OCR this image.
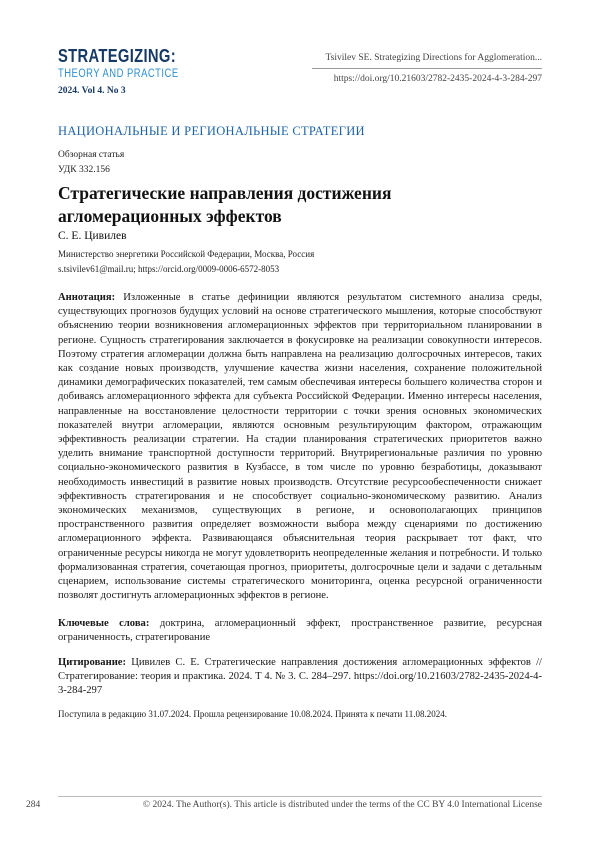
STRATEGIZING:
THEORY AND PRACTICE
2024. Vol 4. No 3
Tsivilev SE. Strategizing Directions for Agglomeration...
https://doi.org/10.21603/2782-2435-2024-4-3-284-297
НАЦИОНАЛЬНЫЕ И РЕГИОНАЛЬНЫЕ СТРАТЕГИИ
Обзорная статья
УДК 332.156
Стратегические направления достижения агломерационных эффектов
С. Е. Цивилев
Министерство энергетики Российской Федерации, Москва, Россия
s.tsivilev61@mail.ru; https://orcid.org/0009-0006-6572-8053
Аннотация: Изложенные в статье дефиниции являются результатом системного анализа среды, существующих прогнозов будущих условий на основе стратегического мышления, которые способствуют объяснению теории возникновения агломерационных эффектов при территориальном планировании в регионе. Сущность стратегирования заключается в фокусировке на реализации совокупности интересов. Поэтому стратегия агломерации должна быть направлена на реализацию долгосрочных интересов, таких как создание новых производств, улучшение качества жизни населения, сохранение положительной динамики демографических показателей, тем самым обеспечивая интересы большего количества сторон и добиваясь агломерационного эффекта для субъекта Российской Федерации. Именно интересы населения, направленные на восстановление целостности территории с точки зрения основных экономических показателей внутри агломерации, являются основным результирующим фактором, отражающим эффективность реализации стратегии. На стадии планирования стратегических приоритетов важно уделить внимание транспортной доступности территорий. Внутрирегиональные различия по уровню социально-экономического развития в Кузбассе, в том числе по уровню безработицы, доказывают необходимость инвестиций в развитие новых производств. Отсутствие ресурсообеспеченности снижает эффективность стратегирования и не способствует социально-экономическому развитию. Анализ экономических механизмов, существующих в регионе, и основополагающих принципов пространственного развития определяет возможности выбора между сценариями по достижению агломерационного эффекта. Развивающаяся объяснительная теория раскрывает тот факт, что ограниченные ресурсы никогда не могут удовлетворить неопределенные желания и потребности. И только формализованная стратегия, сочетающая прогноз, приоритеты, долгосрочные цели и задачи с детальным сценарием, использование системы стратегического мониторинга, оценка ресурсной ограниченности позволят достигнуть агломерационных эффектов в регионе.
Ключевые слова: доктрина, агломерационный эффект, пространственное развитие, ресурсная ограниченность, стратегирование
Цитирование: Цивилев С. Е. Стратегические направления достижения агломерационных эффектов // Стратегирование: теория и практика. 2024. Т 4. № 3. С. 284–297. https://doi.org/10.21603/2782-2435-2024-4-3-284-297
Поступила в редакцию 31.07.2024. Прошла рецензирование 10.08.2024. Принята к печати 11.08.2024.
284	© 2024. The Author(s). This article is distributed under the terms of the CC BY 4.0 International License
